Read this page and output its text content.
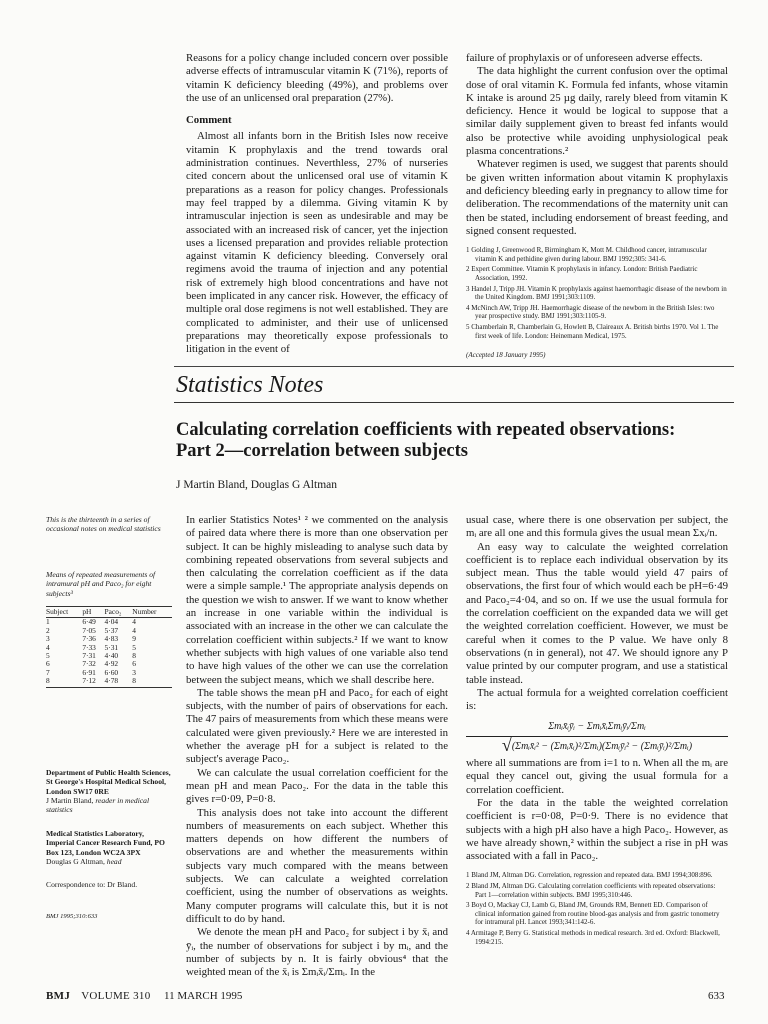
Reasons for a policy change included concern over possible adverse effects of intramuscular vitamin K (71%), reports of vitamin K deficiency bleeding (49%), and problems over the use of an unlicensed oral preparation (27%).

Comment

Almost all infants born in the British Isles now receive vitamin K prophylaxis and the trend towards oral administration continues. Neverthless, 27% of nurseries cited concern about the unlicensed oral use of vitamin K preparations as a reason for policy changes. Professionals may feel trapped by a dilemma. Giving vitamin K by intramuscular injection is seen as undesirable and may be associated with an increased risk of cancer, yet the injection uses a licensed preparation and provides reliable protection against vitamin K deficiency bleeding. Conversely oral regimens avoid the trauma of injection and any potential risk of extremely high blood concentrations and have not been implicated in any cancer risk. However, the efficacy of multiple oral dose regimens is not well established. They are complicated to administer, and their use of unlicensed preparations may theoretically expose professionals to litigation in the event of

failure of prophylaxis or of unforeseen adverse effects.

The data highlight the current confusion over the optimal dose of oral vitamin K. Formula fed infants, whose vitamin K intake is around 25 µg daily, rarely bleed from vitamin K deficiency. Hence it would be logical to suppose that a similar daily supplement given to breast fed infants would also be protective while avoiding unphysiological peak plasma concentrations.²

Whatever regimen is used, we suggest that parents should be given written information about vitamin K prophylaxis and deficiency bleeding early in pregnancy to allow time for deliberation. The recommendations of the maternity unit can then be stated, including endorsement of breast feeding, and signed consent requested.

1 Golding J, Greenwood R, Birmingham K, Mott M. Childhood cancer, intramuscular vitamin K and pethidine given during labour. BMJ 1992;305: 341-6.
2 Expert Committee. Vitamin K prophylaxis in infancy. London: British Paediatric Association, 1992.
3 Handel J, Tripp JH. Vitamin K prophylaxis against haemorrhagic disease of the newborn in the United Kingdom. BMJ 1991;303:1109.
4 McNinch AW, Tripp JH. Haemorrhagic disease of the newborn in the British Isles: two year prospective study. BMJ 1991;303:1105-9.
5 Chamberlain R, Chamberlain G, Howlett B, Claireaux A. British births 1970. Vol 1. The first week of life. London: Heinemann Medical, 1975.
(Accepted 18 January 1995)
Statistics Notes
Calculating correlation coefficients with repeated observations:
Part 2—correlation between subjects
J Martin Bland, Douglas G Altman
This is the thirteenth in a series of occasional notes on medical statistics
Means of repeated measurements of intramural pH and Paco₂ for eight subjects³
Subject	pH	Paco₂	Number
1	6·49	4·04	4
2	7·05	5·37	4
3	7·36	4·83	9
4	7·33	5·31	5
5	7·31	4·40	8
6	7·32	4·92	6
7	6·91	6·60	3
8	7·12	4·78	8
Department of Public Health Sciences, St George's Hospital Medical School, London SW17 0RE
J Martin Bland, reader in medical statistics
Medical Statistics Laboratory, Imperial Cancer Research Fund, PO Box 123, London WC2A 3PX
Douglas G Altman, head
Correspondence to: Dr Bland.
BMJ 1995;310:633

In earlier Statistics Notes¹ ² we commented on the analysis of paired data where there is more than one observation per subject. It can be highly misleading to analyse such data by combining repeated observations from several subjects and then calculating the correlation coefficient as if the data were a simple sample.¹ The appropriate analysis depends on the question we wish to answer. If we want to know whether an increase in one variable within the individual is associated with an increase in the other we can calculate the correlation coefficient within subjects.² If we want to know whether subjects with high values of one variable also tend to have high values of the other we can use the correlation between the subject means, which we shall describe here.

The table shows the mean pH and Paco₂ for each of eight subjects, with the number of pairs of observations for each. The 47 pairs of measurements from which these means were calculated were given previously.² Here we are interested in whether the average pH for a subject is related to the subject's average Paco₂.

We can calculate the usual correlation coefficient for the mean pH and mean Paco₂. For the data in the table this gives r=0·09, P=0·8.

This analysis does not take into account the different numbers of measurements on each subject. Whether this matters depends on how different the numbers of observations are and whether the measurements within subjects vary much compared with the means between subjects. We can calculate a weighted correlation coefficient, using the number of observations as weights. Many computer programs will calculate this, but it is not difficult to do by hand.

We denote the mean pH and Paco₂ for subject i by x̄ᵢ and ȳᵢ, the number of observations for subject i by mᵢ, and the number of subjects by n. It is fairly obvious⁴ that the weighted mean of the x̄ᵢ is Σmᵢx̄ᵢ/Σmᵢ. In the

usual case, where there is one observation per subject, the mᵢ are all one and this formula gives the usual mean Σxᵢ/n.

An easy way to calculate the weighted correlation coefficient is to replace each individual observation by its subject mean. Thus the table would yield 47 pairs of observations, the first four of which would each be pH=6·49 and Paco₂=4·04, and so on. If we use the usual formula for the correlation coefficient on the expanded data we will get the weighted correlation coefficient. However, we must be careful when it comes to the P value. We have only 8 observations (n in general), not 47. We should ignore any P value printed by our computer program, and use a statistical table instead.

The actual formula for a weighted correlation coefficient is:

Σmᵢx̄ᵢȳᵢ − Σmᵢx̄ᵢΣmᵢȳᵢ/Σmᵢ
√(Σmᵢx̄ᵢ² − (Σmᵢx̄ᵢ)²/Σmᵢ)(Σmᵢȳᵢ² − (Σmᵢȳᵢ)²/Σmᵢ)

where all summations are from i=1 to n. When all the mᵢ are equal they cancel out, giving the usual formula for a correlation coefficient.

For the data in the table the weighted correlation coefficient is r=0·08, P=0·9. There is no evidence that subjects with a high pH also have a high Paco₂. However, as we have already shown,² within the subject a rise in pH was associated with a fall in Paco₂.

1 Bland JM, Altman DG. Correlation, regression and repeated data. BMJ 1994;308:896.
2 Bland JM, Altman DG. Calculating correlation coefficients with repeated observations: Part 1—correlation within subjects. BMJ 1995;310:446.
3 Boyd O, Mackay CJ, Lamb G, Bland JM, Grounds RM, Bennett ED. Comparison of clinical information gained from routine blood-gas analysis and from gastric tonometry for intramural pH. Lancet 1993;341:142-6.
4 Armitage P, Berry G. Statistical methods in medical research. 3rd ed. Oxford: Blackwell, 1994:215.
BMJ VOLUME 310 11 MARCH 1995	633
